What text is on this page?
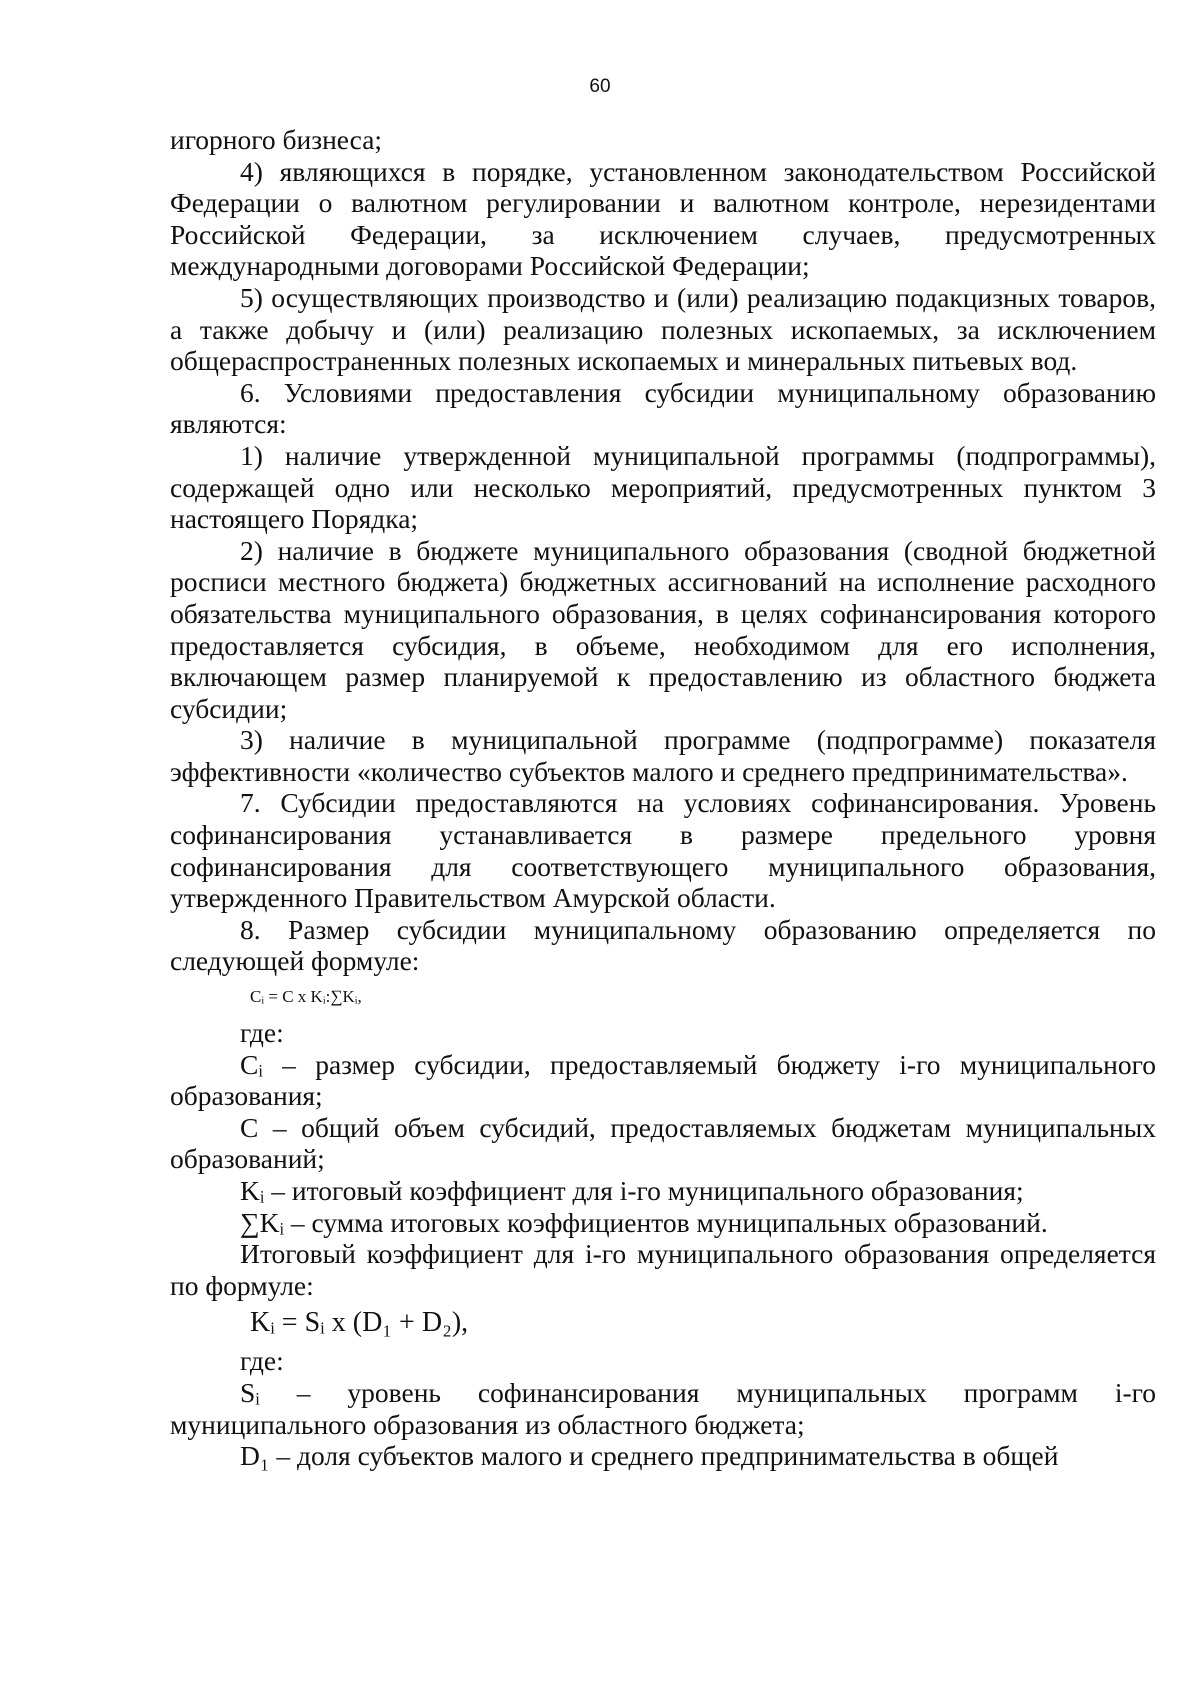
60

игорного бизнеса;

4) являющихся в порядке, установленном законодательством Российской Федерации о валютном регулировании и валютном контроле, нерезидентами Российской Федерации, за исключением случаев, предусмотренных международными договорами Российской Федерации;

5) осуществляющих производство и (или) реализацию подакцизных товаров, а также добычу и (или) реализацию полезных ископаемых, за исключением общераспространенных полезных ископаемых и минеральных питьевых вод.

6. Условиями предоставления субсидии муниципальному образованию являются:

1) наличие утвержденной муниципальной программы (подпрограммы), содержащей одно или несколько мероприятий, предусмотренных пунктом 3 настоящего Порядка;

2) наличие в бюджете муниципального образования (сводной бюджетной росписи местного бюджета) бюджетных ассигнований на исполнение расходного обязательства муниципального образования, в целях софинансирования которого предоставляется субсидия, в объеме, необходимом для его исполнения, включающем размер планируемой к предоставлению из областного бюджета субсидии;

3) наличие в муниципальной программе (подпрограмме) показателя эффективности «количество субъектов малого и среднего предпринимательства».

7. Субсидии предоставляются на условиях софинансирования. Уровень софинансирования устанавливается в размере предельного уровня софинансирования для соответствующего муниципального образования, утвержденного Правительством Амурской области.

8. Размер субсидии муниципальному образованию определяется по следующей формуле:

Cᵢ = C x Kᵢ:∑Kᵢ,

где:

Cᵢ – размер субсидии, предоставляемый бюджету i-го муниципального образования;

C – общий объем субсидий, предоставляемых бюджетам муниципальных образований;

Kᵢ – итоговый коэффициент для i-го муниципального образования;

∑Kᵢ – сумма итоговых коэффициентов муниципальных образований.

Итоговый коэффициент для i-го муниципального образования определяется по формуле:

Kᵢ = Sᵢ x (D₁ + D₂),

где:

Sᵢ – уровень софинансирования муниципальных программ i-го муниципального образования из областного бюджета;

D₁ – доля субъектов малого и среднего предпринимательства в общей
